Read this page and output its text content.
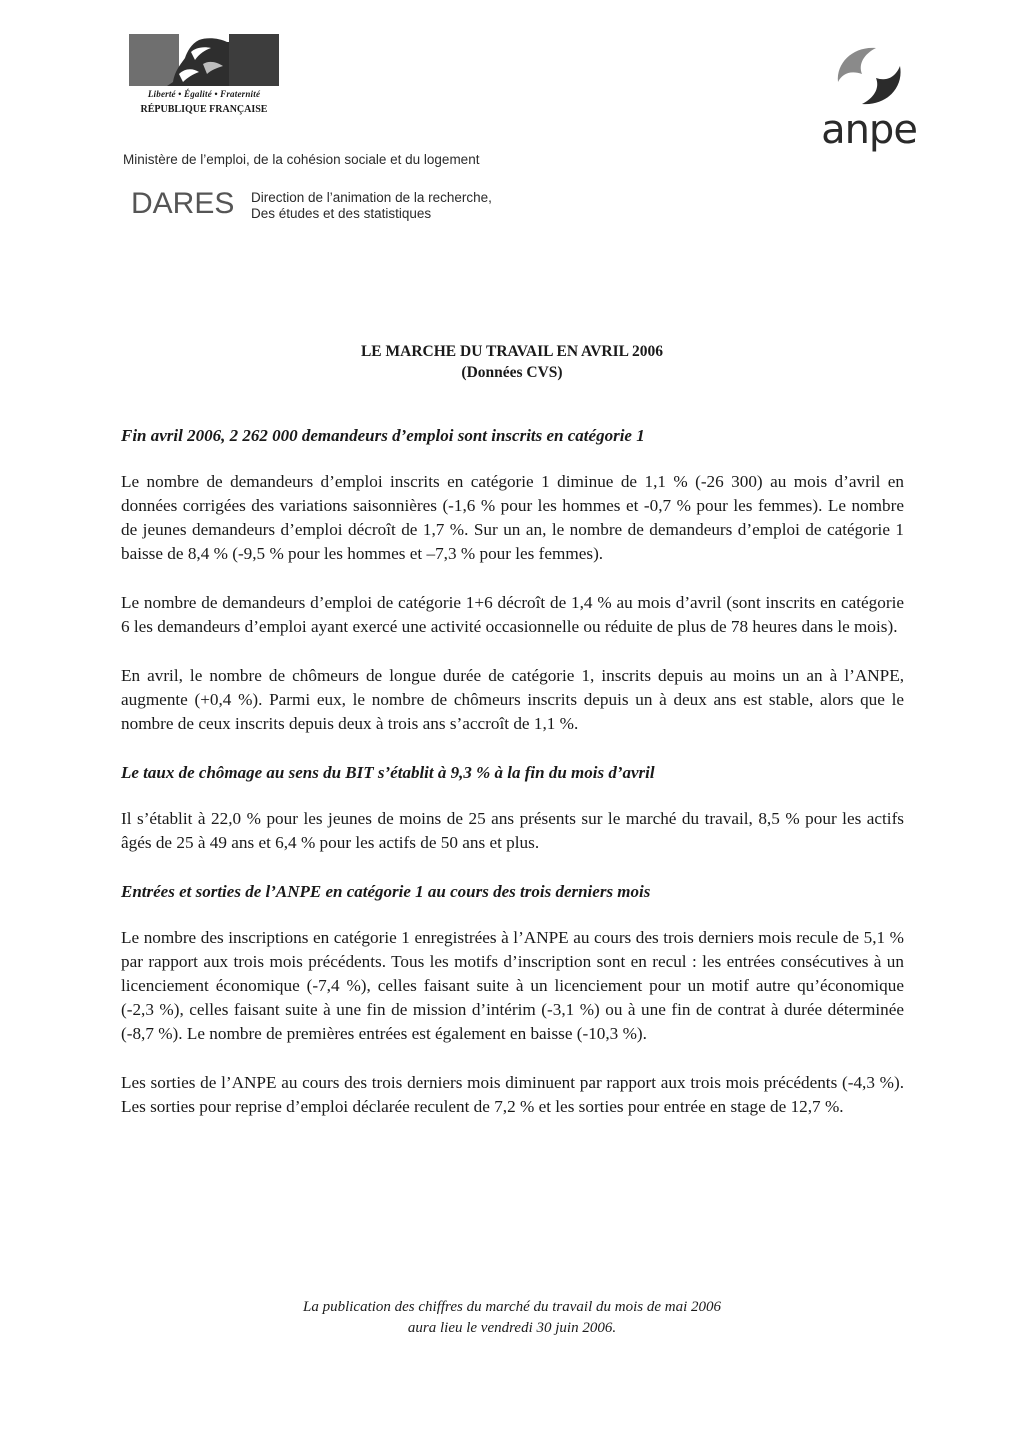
Liberté • Égalité • Fraternité
RÉPUBLIQUE FRANÇAISE	anpe
Ministère de l’emploi, de la cohésion sociale et du logement
DARES Direction de l’animation de la recherche,
Des études et des statistiques
LE MARCHE DU TRAVAIL EN AVRIL 2006
(Données CVS)
Fin avril 2006, 2 262 000 demandeurs d’emploi sont inscrits en catégorie 1

Le nombre de demandeurs d’emploi inscrits en catégorie 1 diminue de 1,1 % (-26 300) au mois d’avril en données corrigées des variations saisonnières (-1,6 % pour les hommes et -0,7 % pour les femmes). Le nombre de jeunes demandeurs d’emploi décroît de 1,7 %. Sur un an, le nombre de demandeurs d’emploi de catégorie 1 baisse de 8,4 % (-9,5 % pour les hommes et –7,3 % pour les femmes).

Le nombre de demandeurs d’emploi de catégorie 1+6 décroît de 1,4 % au mois d’avril (sont inscrits en catégorie 6 les demandeurs d’emploi ayant exercé une activité occasionnelle ou réduite de plus de 78 heures dans le mois).

En avril, le nombre de chômeurs de longue durée de catégorie 1, inscrits depuis au moins un an à l’ANPE, augmente (+0,4 %). Parmi eux, le nombre de chômeurs inscrits depuis un à deux ans est stable, alors que le nombre de ceux inscrits depuis deux à trois ans s’accroît de 1,1 %.

Le taux de chômage au sens du BIT s’établit à 9,3 % à la fin du mois d’avril

Il s’établit à 22,0 % pour les jeunes de moins de 25 ans présents sur le marché du travail, 8,5 % pour les actifs âgés de 25 à 49 ans et 6,4 % pour les actifs de 50 ans et plus.

Entrées et sorties de l’ANPE en catégorie 1 au cours des trois derniers mois

Le nombre des inscriptions en catégorie 1 enregistrées à l’ANPE au cours des trois derniers mois recule de 5,1 % par rapport aux trois mois précédents. Tous les motifs d’inscription sont en recul : les entrées consécutives à un licenciement économique (-7,4 %), celles faisant suite à un licenciement pour un motif autre qu’économique (-2,3 %), celles faisant suite à une fin de mission d’intérim (-3,1 %) ou à une fin de contrat à durée déterminée (-8,7 %). Le nombre de premières entrées est également en baisse (-10,3 %).

Les sorties de l’ANPE au cours des trois derniers mois diminuent par rapport aux trois mois précédents (-4,3 %). Les sorties pour reprise d’emploi déclarée reculent de 7,2 % et les sorties pour entrée en stage de 12,7 %.

La publication des chiffres du marché du travail du mois de mai 2006
aura lieu le vendredi 30 juin 2006.
